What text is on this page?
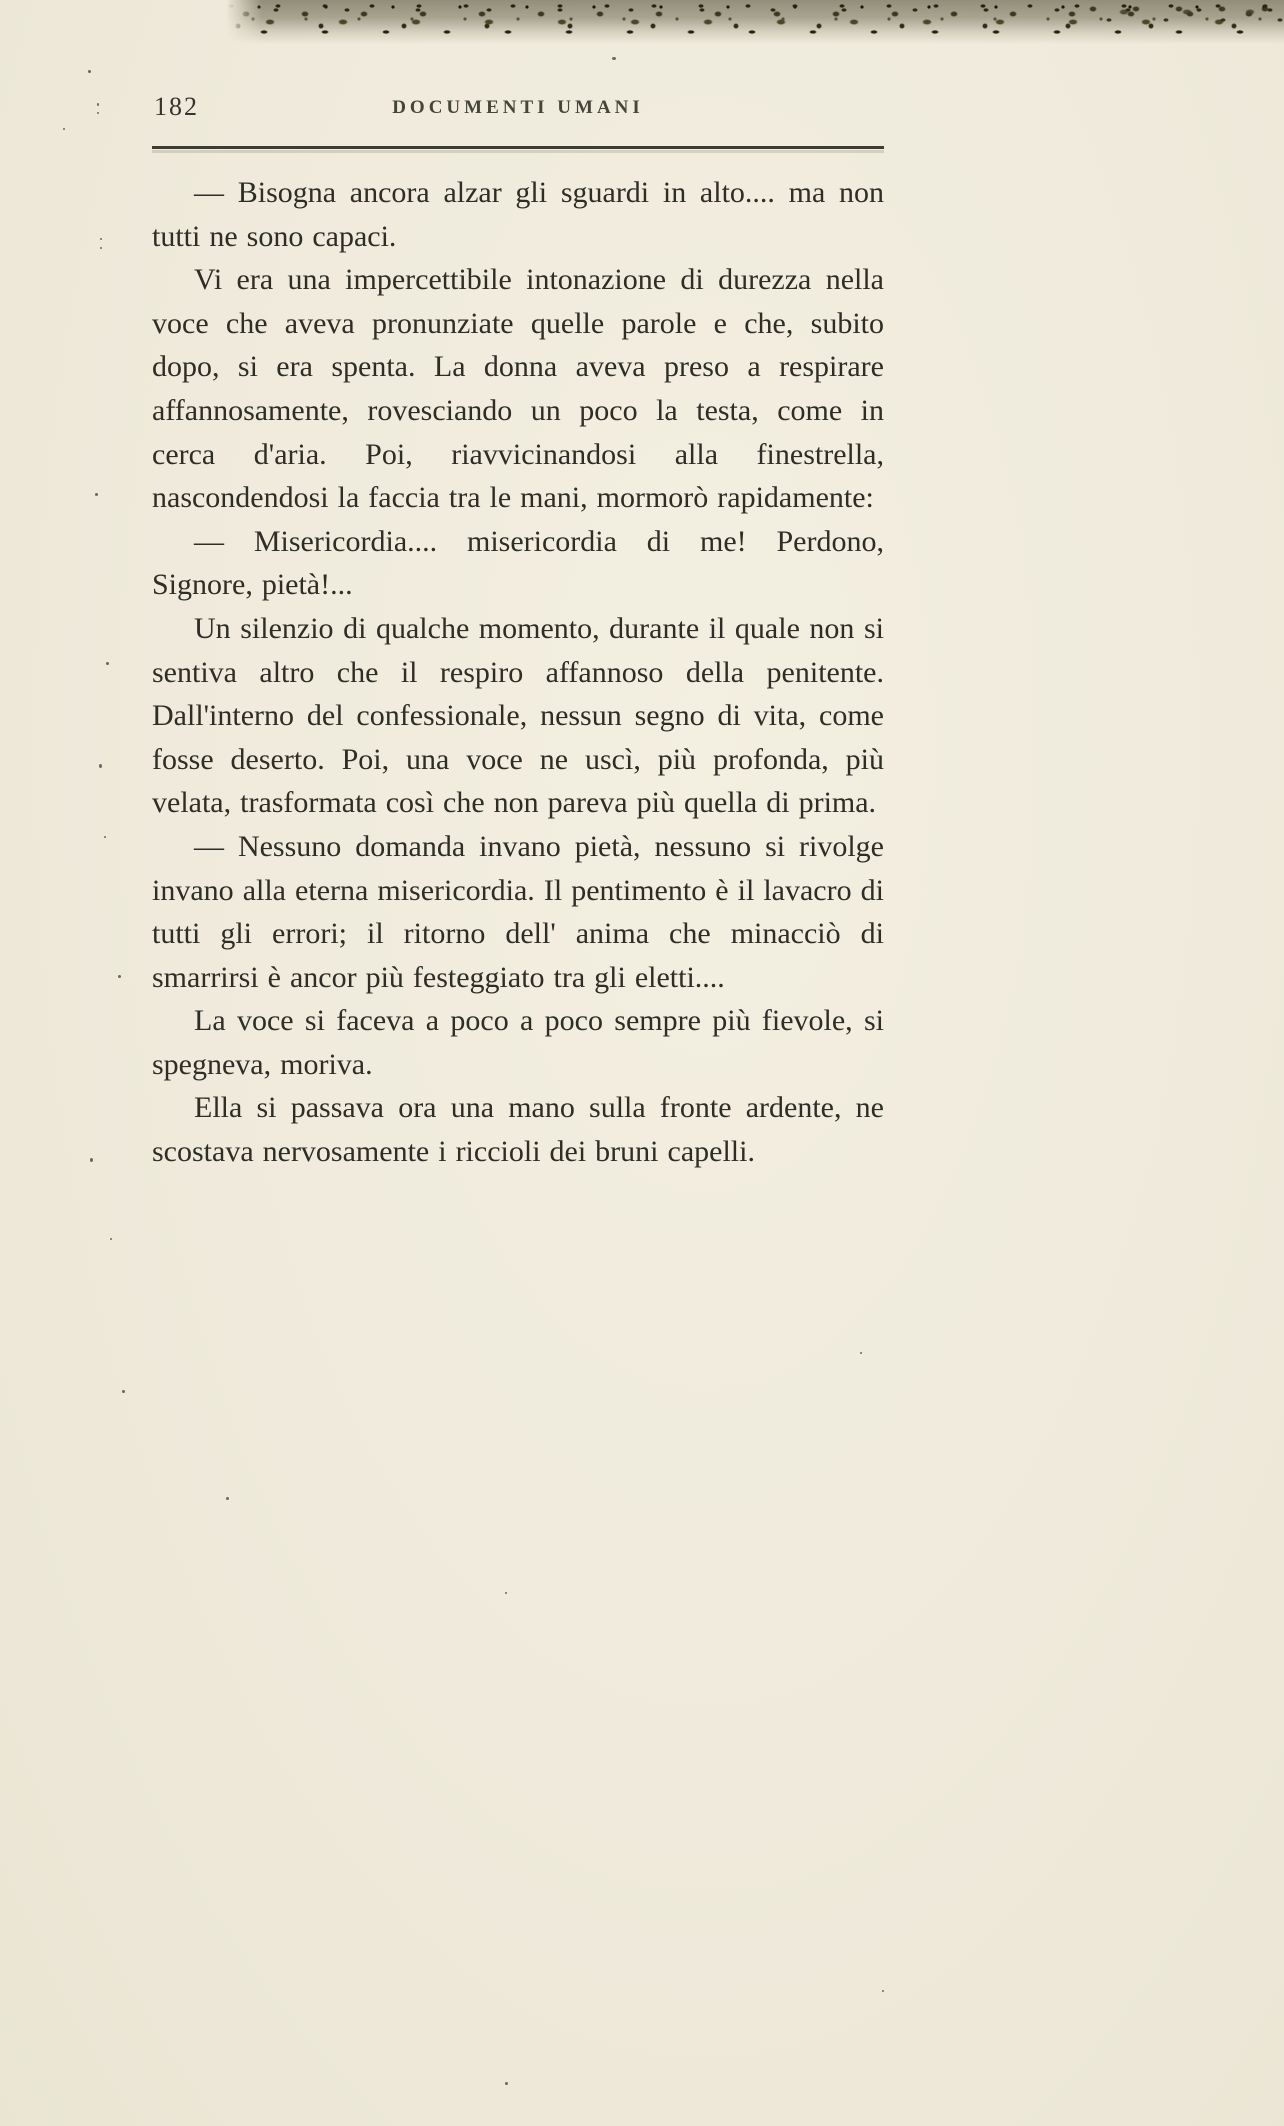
182	DOCUMENTI UMANI

— Bisogna ancora alzar gli sguardi in alto.... ma non tutti ne sono capaci.

Vi era una impercettibile intonazione di durezza nella voce che aveva pronunziate quelle parole e che, subito dopo, si era spenta. La donna aveva preso a respirare affannosamente, rovesciando un poco la testa, come in cerca d'aria. Poi, riavvicinandosi alla finestrella, nascondendosi la faccia tra le mani, mormorò rapidamente:

— Misericordia.... misericordia di me! Perdono, Signore, pietà!...

Un silenzio di qualche momento, durante il quale non si sentiva altro che il respiro affannoso della penitente. Dall'interno del confessionale, nessun segno di vita, come fosse deserto. Poi, una voce ne uscì, più profonda, più velata, trasformata così che non pareva più quella di prima.

— Nessuno domanda invano pietà, nessuno si rivolge invano alla eterna misericordia. Il pentimento è il lavacro di tutti gli errori; il ritorno dell' anima che minacciò di smarrirsi è ancor più festeggiato tra gli eletti....

La voce si faceva a poco a poco sempre più fievole, si spegneva, moriva.

Ella si passava ora una mano sulla fronte ardente, ne scostava nervosamente i riccioli dei bruni capelli.
